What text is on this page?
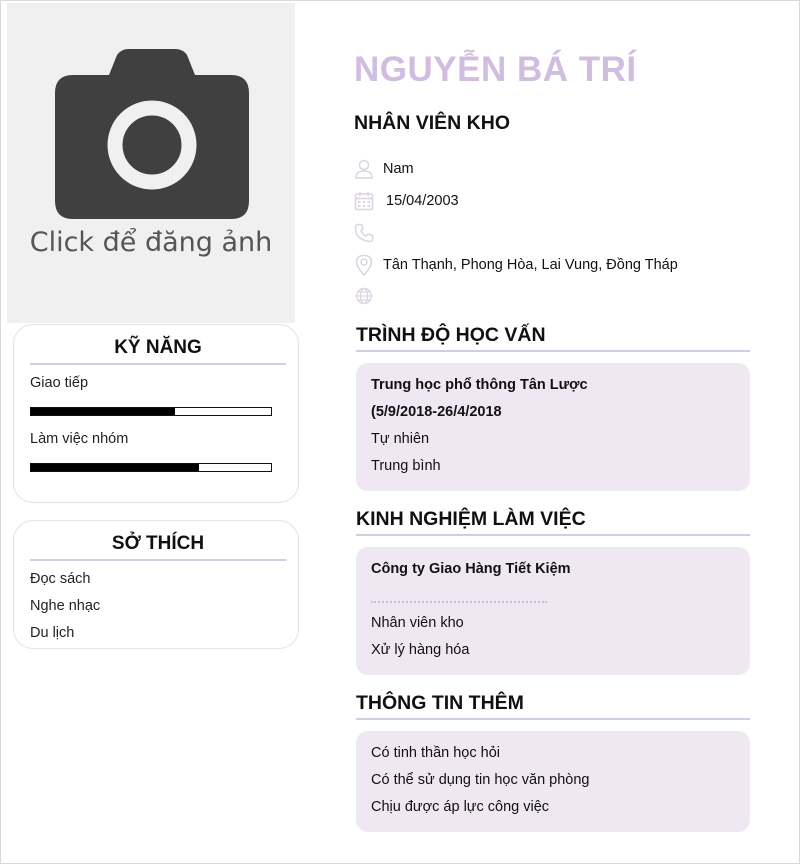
Click để đăng ảnh
KỸ NĂNG
Giao tiếp
Làm việc nhóm
SỞ THÍCH
Đọc sách
Nghe nhạc
Du lịch
NGUYỄN BÁ TRÍ
NHÂN VIÊN KHO
Nam
15/04/2003
Tân Thạnh, Phong Hòa, Lai Vung, Đồng Tháp
TRÌNH ĐỘ HỌC VẤN
Trung học phổ thông Tân Lược
(5/9/2018-26/4/2018
Tự nhiên
Trung bình
KINH NGHIỆM LÀM VIỆC
Công ty Giao Hàng Tiết Kiệm
Nhân viên kho
Xử lý hàng hóa
THÔNG TIN THÊM
Có tinh thần học hỏi
Có thể sử dụng tin học văn phòng
Chịu được áp lực công việc
